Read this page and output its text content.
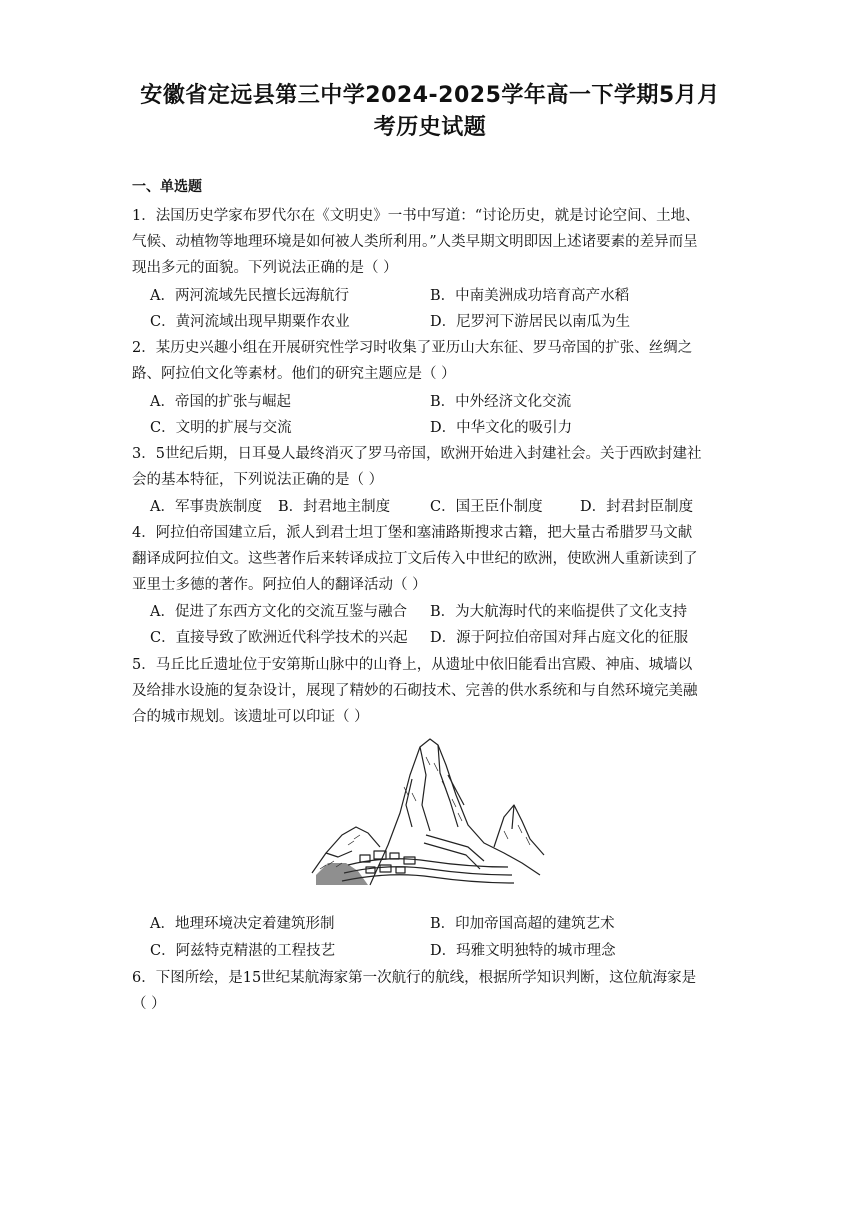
安徽省定远县第三中学2024-2025学年高一下学期5月月
考历史试题
一、单选题
1．法国历史学家布罗代尔在《文明史》一书中写道：“讨论历史，就是讨论空间、土地、
气候、动植物等地理环境是如何被人类所利用。”人类早期文明即因上述诸要素的差异而呈
现出多元的面貌。下列说法正确的是（ ）
A．两河流域先民擅长远海航行	B．中南美洲成功培育高产水稻
C．黄河流域出现早期粟作农业	D．尼罗河下游居民以南瓜为生
2．某历史兴趣小组在开展研究性学习时收集了亚历山大东征、罗马帝国的扩张、丝绸之
路、阿拉伯文化等素材。他们的研究主题应是（ ）
A．帝国的扩张与崛起	B．中外经济文化交流
C．文明的扩展与交流	D．中华文化的吸引力
3．5世纪后期，日耳曼人最终消灭了罗马帝国，欧洲开始进入封建社会。关于西欧封建社
会的基本特征，下列说法正确的是（ ）
A．军事贵族制度 B．封君地主制度	C．国王臣仆制度	D．封君封臣制度
4．阿拉伯帝国建立后，派人到君士坦丁堡和塞浦路斯搜求古籍，把大量古希腊罗马文献
翻译成阿拉伯文。这些著作后来转译成拉丁文后传入中世纪的欧洲，使欧洲人重新读到了
亚里士多德的著作。阿拉伯人的翻译活动（ ）
A．促进了东西方文化的交流互鉴与融合 B．为大航海时代的来临提供了文化支持
C．直接导致了欧洲近代科学技术的兴起 D．源于阿拉伯帝国对拜占庭文化的征服
5．马丘比丘遗址位于安第斯山脉中的山脊上，从遗址中依旧能看出宫殿、神庙、城墙以
及给排水设施的复杂设计，展现了精妙的石砌技术、完善的供水系统和与自然环境完美融
合的城市规划。该遗址可以印证（ ）
A．地理环境决定着建筑形制	B．印加帝国高超的建筑艺术
C．阿兹特克精湛的工程技艺	D．玛雅文明独特的城市理念
6．下图所绘，是15世纪某航海家第一次航行的航线，根据所学知识判断，这位航海家是
（ ）
